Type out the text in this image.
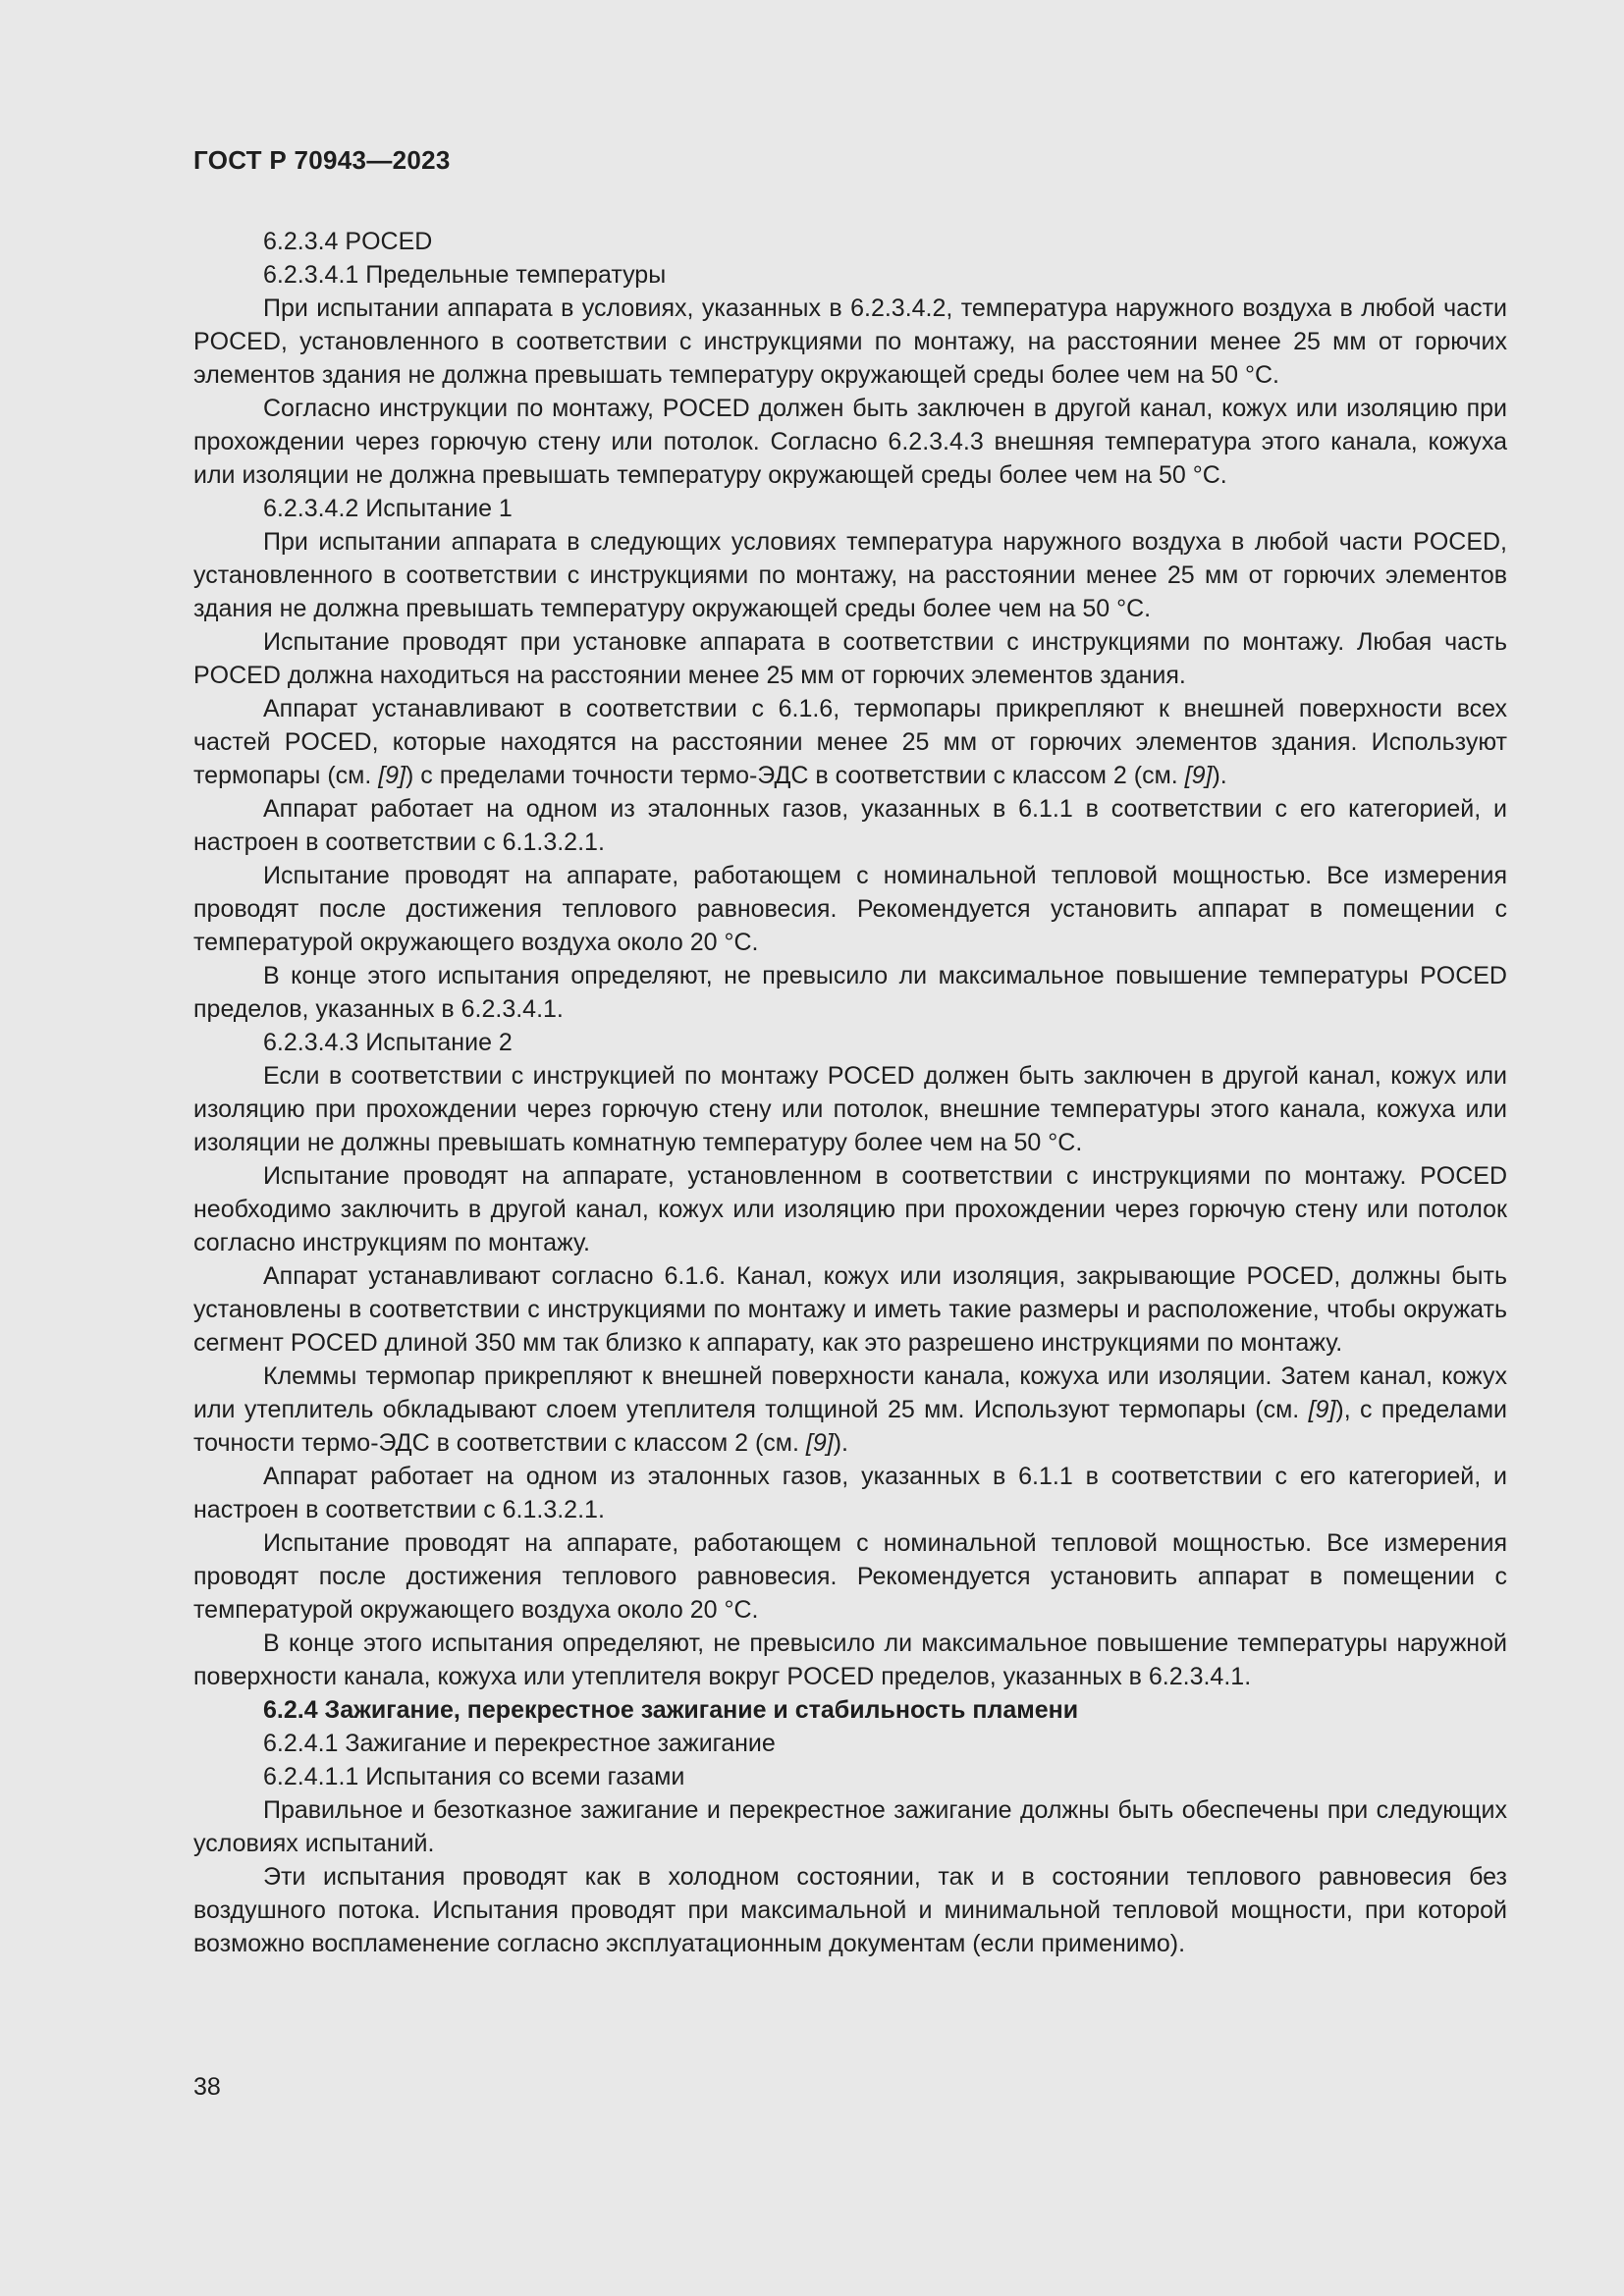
ГОСТ Р 70943—2023

6.2.3.4 POCED

6.2.3.4.1 Предельные температуры

При испытании аппарата в условиях, указанных в 6.2.3.4.2, температура наружного воздуха в любой части POCED, установленного в соответствии с инструкциями по монтажу, на расстоянии менее 25 мм от горючих элементов здания не должна превышать температуру окружающей среды более чем на 50 °C.

Согласно инструкции по монтажу, POCED должен быть заключен в другой канал, кожух или изоляцию при прохождении через горючую стену или потолок. Согласно 6.2.3.4.3 внешняя температура этого канала, кожуха или изоляции не должна превышать температуру окружающей среды более чем на 50 °C.

6.2.3.4.2 Испытание 1

При испытании аппарата в следующих условиях температура наружного воздуха в любой части POCED, установленного в соответствии с инструкциями по монтажу, на расстоянии менее 25 мм от горючих элементов здания не должна превышать температуру окружающей среды более чем на 50 °C.

Испытание проводят при установке аппарата в соответствии с инструкциями по монтажу. Любая часть POCED должна находиться на расстоянии менее 25 мм от горючих элементов здания.

Аппарат устанавливают в соответствии с 6.1.6, термопары прикрепляют к внешней поверхности всех частей POCED, которые находятся на расстоянии менее 25 мм от горючих элементов здания. Используют термопары (см. [9]) с пределами точности термо-ЭДС в соответствии с классом 2 (см. [9]).

Аппарат работает на одном из эталонных газов, указанных в 6.1.1 в соответствии с его категорией, и настроен в соответствии с 6.1.3.2.1.

Испытание проводят на аппарате, работающем с номинальной тепловой мощностью. Все измерения проводят после достижения теплового равновесия. Рекомендуется установить аппарат в помещении с температурой окружающего воздуха около 20 °C.

В конце этого испытания определяют, не превысило ли максимальное повышение температуры POCED пределов, указанных в 6.2.3.4.1.

6.2.3.4.3 Испытание 2

Если в соответствии с инструкцией по монтажу POCED должен быть заключен в другой канал, кожух или изоляцию при прохождении через горючую стену или потолок, внешние температуры этого канала, кожуха или изоляции не должны превышать комнатную температуру более чем на 50 °C.

Испытание проводят на аппарате, установленном в соответствии с инструкциями по монтажу. POCED необходимо заключить в другой канал, кожух или изоляцию при прохождении через горючую стену или потолок согласно инструкциям по монтажу.

Аппарат устанавливают согласно 6.1.6. Канал, кожух или изоляция, закрывающие POCED, должны быть установлены в соответствии с инструкциями по монтажу и иметь такие размеры и расположение, чтобы окружать сегмент POCED длиной 350 мм так близко к аппарату, как это разрешено инструкциями по монтажу.

Клеммы термопар прикрепляют к внешней поверхности канала, кожуха или изоляции. Затем канал, кожух или утеплитель обкладывают слоем утеплителя толщиной 25 мм. Используют термопары (см. [9]), с пределами точности термо-ЭДС в соответствии с классом 2 (см. [9]).

Аппарат работает на одном из эталонных газов, указанных в 6.1.1 в соответствии с его категорией, и настроен в соответствии с 6.1.3.2.1.

Испытание проводят на аппарате, работающем с номинальной тепловой мощностью. Все измерения проводят после достижения теплового равновесия. Рекомендуется установить аппарат в помещении с температурой окружающего воздуха около 20 °C.

В конце этого испытания определяют, не превысило ли максимальное повышение температуры наружной поверхности канала, кожуха или утеплителя вокруг POCED пределов, указанных в 6.2.3.4.1.

6.2.4 Зажигание, перекрестное зажигание и стабильность пламени

6.2.4.1 Зажигание и перекрестное зажигание

6.2.4.1.1 Испытания со всеми газами

Правильное и безотказное зажигание и перекрестное зажигание должны быть обеспечены при следующих условиях испытаний.

Эти испытания проводят как в холодном состоянии, так и в состоянии теплового равновесия без воздушного потока. Испытания проводят при максимальной и минимальной тепловой мощности, при которой возможно воспламенение согласно эксплуатационным документам (если применимо).

38
